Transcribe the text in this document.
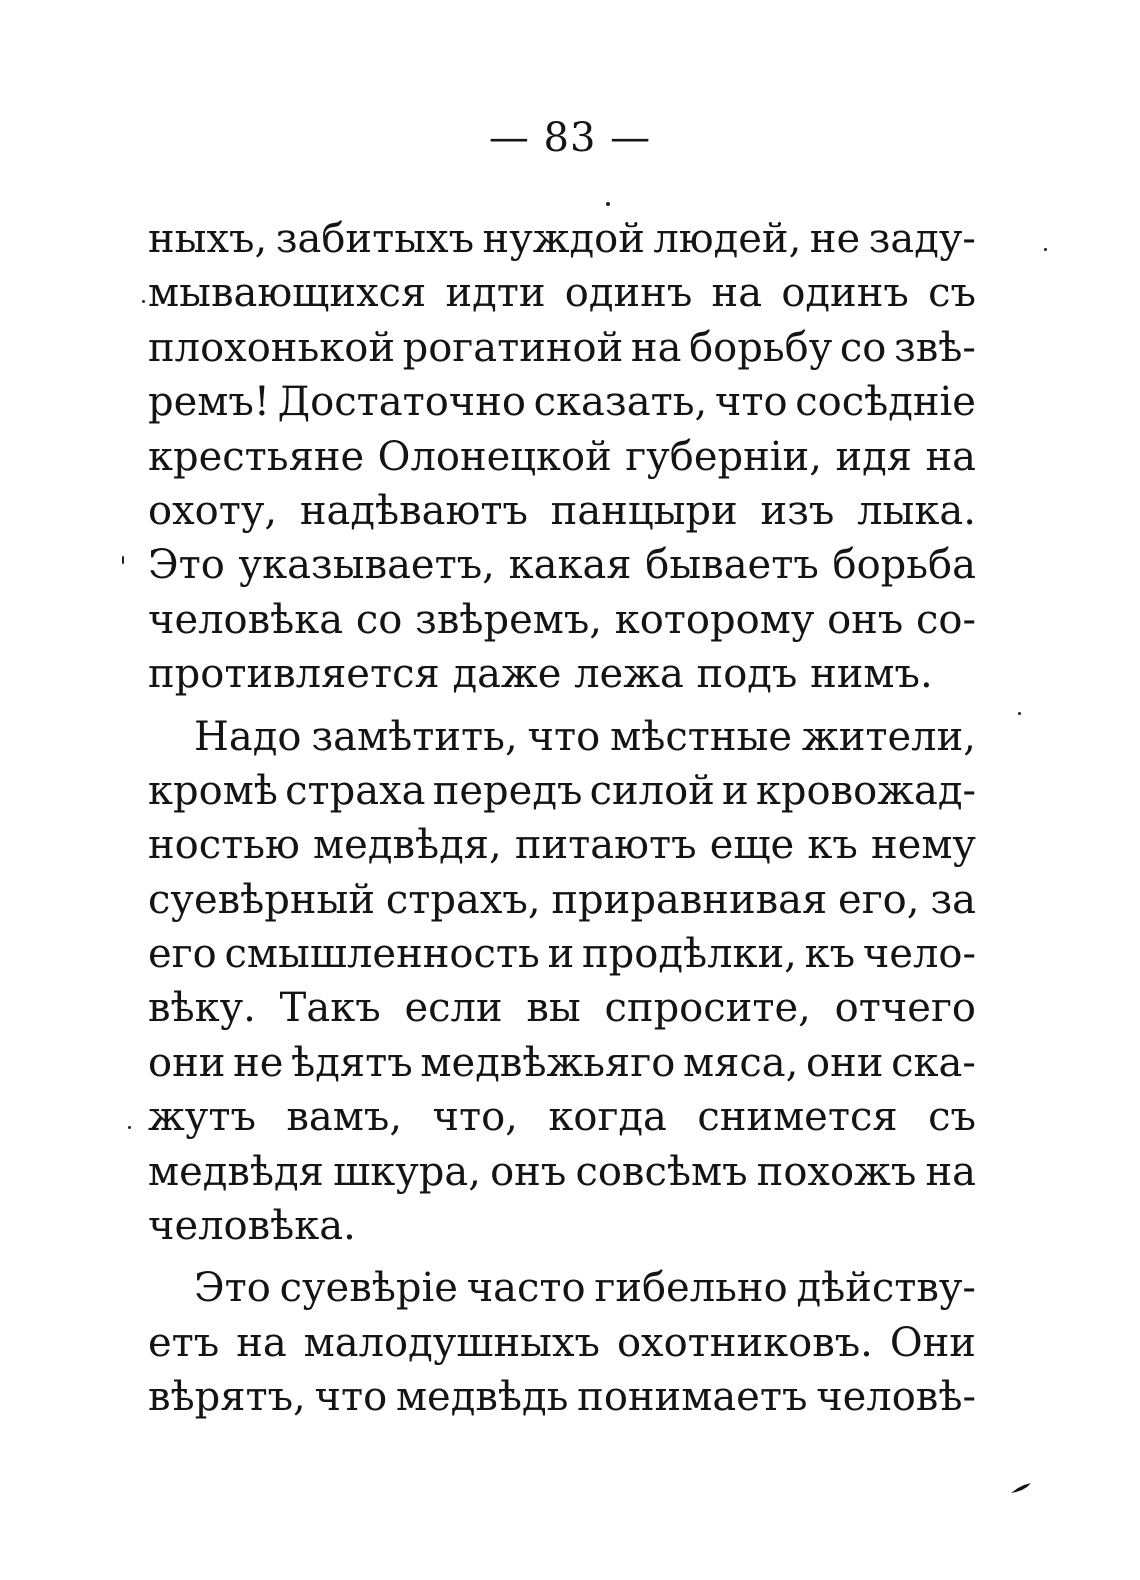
— 83 —
ныхъ, забитыхъ нуждой людей, не заду-
мывающихся идти одинъ на одинъ съ
плохонькой рогатиной на борьбу со звѣ-
ремъ! Достаточно сказать, что сосѣдніе
крестьяне Олонецкой губерніи, идя на
охоту, надѣваютъ панцыри изъ лыка.
Это указываетъ, какая бываетъ борьба
человѣка со звѣремъ, которому онъ со-
противляется даже лежа подъ нимъ.
Надо замѣтить, что мѣстные жители,
кромѣ страха передъ силой и кровожад-
ностью медвѣдя, питаютъ еще къ нему
суевѣрный страхъ, приравнивая его, за
его смышленность и продѣлки, къ чело-
вѣку. Такъ если вы спросите, отчего
они не ѣдятъ медвѣжьяго мяса, они ска-
жутъ вамъ, что, когда снимется съ
медвѣдя шкура, онъ совсѣмъ похожъ на
человѣка.
Это суевѣріе часто гибельно дѣйству-
етъ на малодушныхъ охотниковъ. Они
вѣрятъ, что медвѣдь понимаетъ человѣ-
